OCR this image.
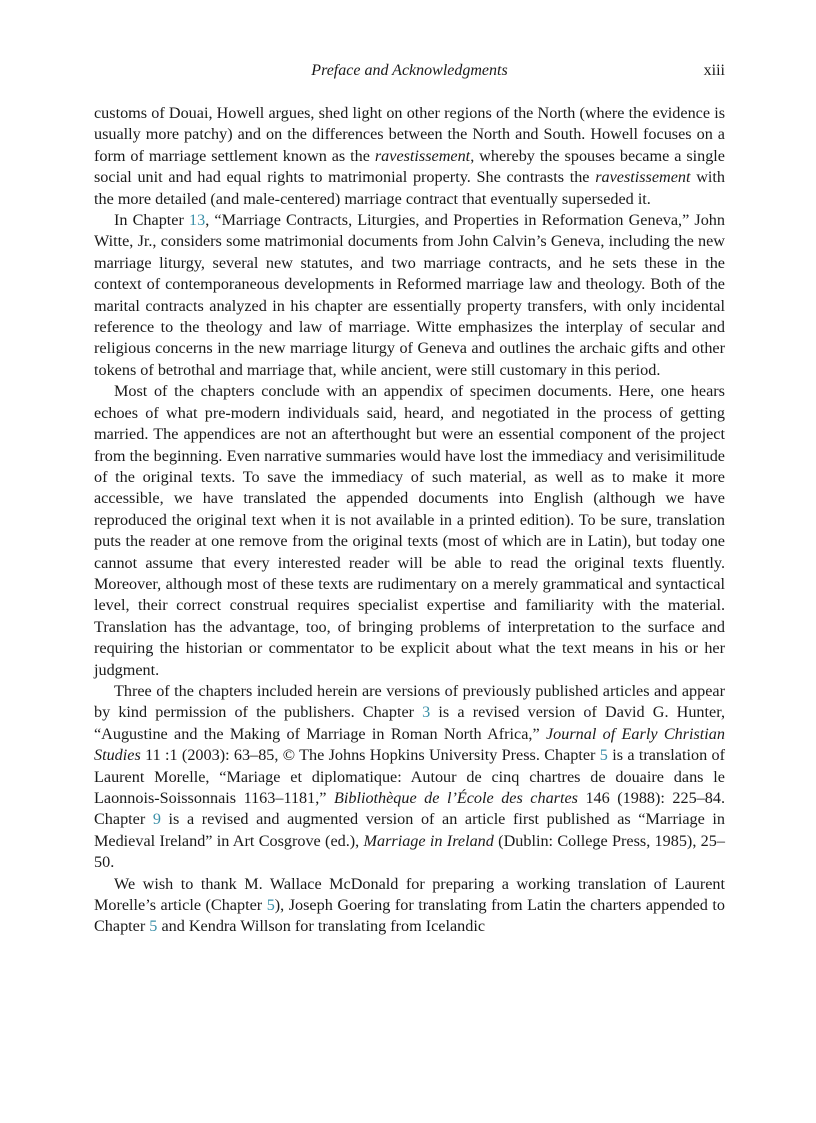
Preface and Acknowledgments	xiii

customs of Douai, Howell argues, shed light on other regions of the North (where the evidence is usually more patchy) and on the differences between the North and South. Howell focuses on a form of marriage settlement known as the ravestissement, whereby the spouses became a single social unit and had equal rights to matrimonial property. She contrasts the ravestissement with the more detailed (and male-centered) marriage contract that eventually superseded it.

In Chapter 13, “Marriage Contracts, Liturgies, and Properties in Reformation Geneva,” John Witte, Jr., considers some matrimonial documents from John Calvin’s Geneva, including the new marriage liturgy, several new statutes, and two marriage contracts, and he sets these in the context of contemporaneous developments in Reformed marriage law and theology. Both of the marital contracts analyzed in his chapter are essentially property transfers, with only incidental reference to the theology and law of marriage. Witte emphasizes the interplay of secular and religious concerns in the new marriage liturgy of Geneva and outlines the archaic gifts and other tokens of betrothal and marriage that, while ancient, were still customary in this period.

Most of the chapters conclude with an appendix of specimen documents. Here, one hears echoes of what pre-modern individuals said, heard, and negotiated in the process of getting married. The appendices are not an afterthought but were an essential component of the project from the beginning. Even narrative summaries would have lost the immediacy and verisimilitude of the original texts. To save the immediacy of such material, as well as to make it more accessible, we have translated the appended documents into English (although we have reproduced the original text when it is not available in a printed edition). To be sure, translation puts the reader at one remove from the original texts (most of which are in Latin), but today one cannot assume that every interested reader will be able to read the original texts fluently. Moreover, although most of these texts are rudimentary on a merely grammatical and syntactical level, their correct construal requires specialist expertise and familiarity with the material. Translation has the advantage, too, of bringing problems of interpretation to the surface and requiring the historian or commentator to be explicit about what the text means in his or her judgment.

Three of the chapters included herein are versions of previously published articles and appear by kind permission of the publishers. Chapter 3 is a revised version of David G. Hunter, “Augustine and the Making of Marriage in Roman North Africa,” Journal of Early Christian Studies 11 :1 (2003): 63–85, © The Johns Hopkins University Press. Chapter 5 is a translation of Laurent Morelle, “Mariage et diplomatique: Autour de cinq chartres de douaire dans le Laonnois-Soissonnais 1163–1181,” Bibliothèque de l’École des chartes 146 (1988): 225–84. Chapter 9 is a revised and augmented version of an article first published as “Marriage in Medieval Ireland” in Art Cosgrove (ed.), Marriage in Ireland (Dublin: College Press, 1985), 25–50.

We wish to thank M. Wallace McDonald for preparing a working translation of Laurent Morelle’s article (Chapter 5), Joseph Goering for translating from Latin the charters appended to Chapter 5 and Kendra Willson for translating from Icelandic
